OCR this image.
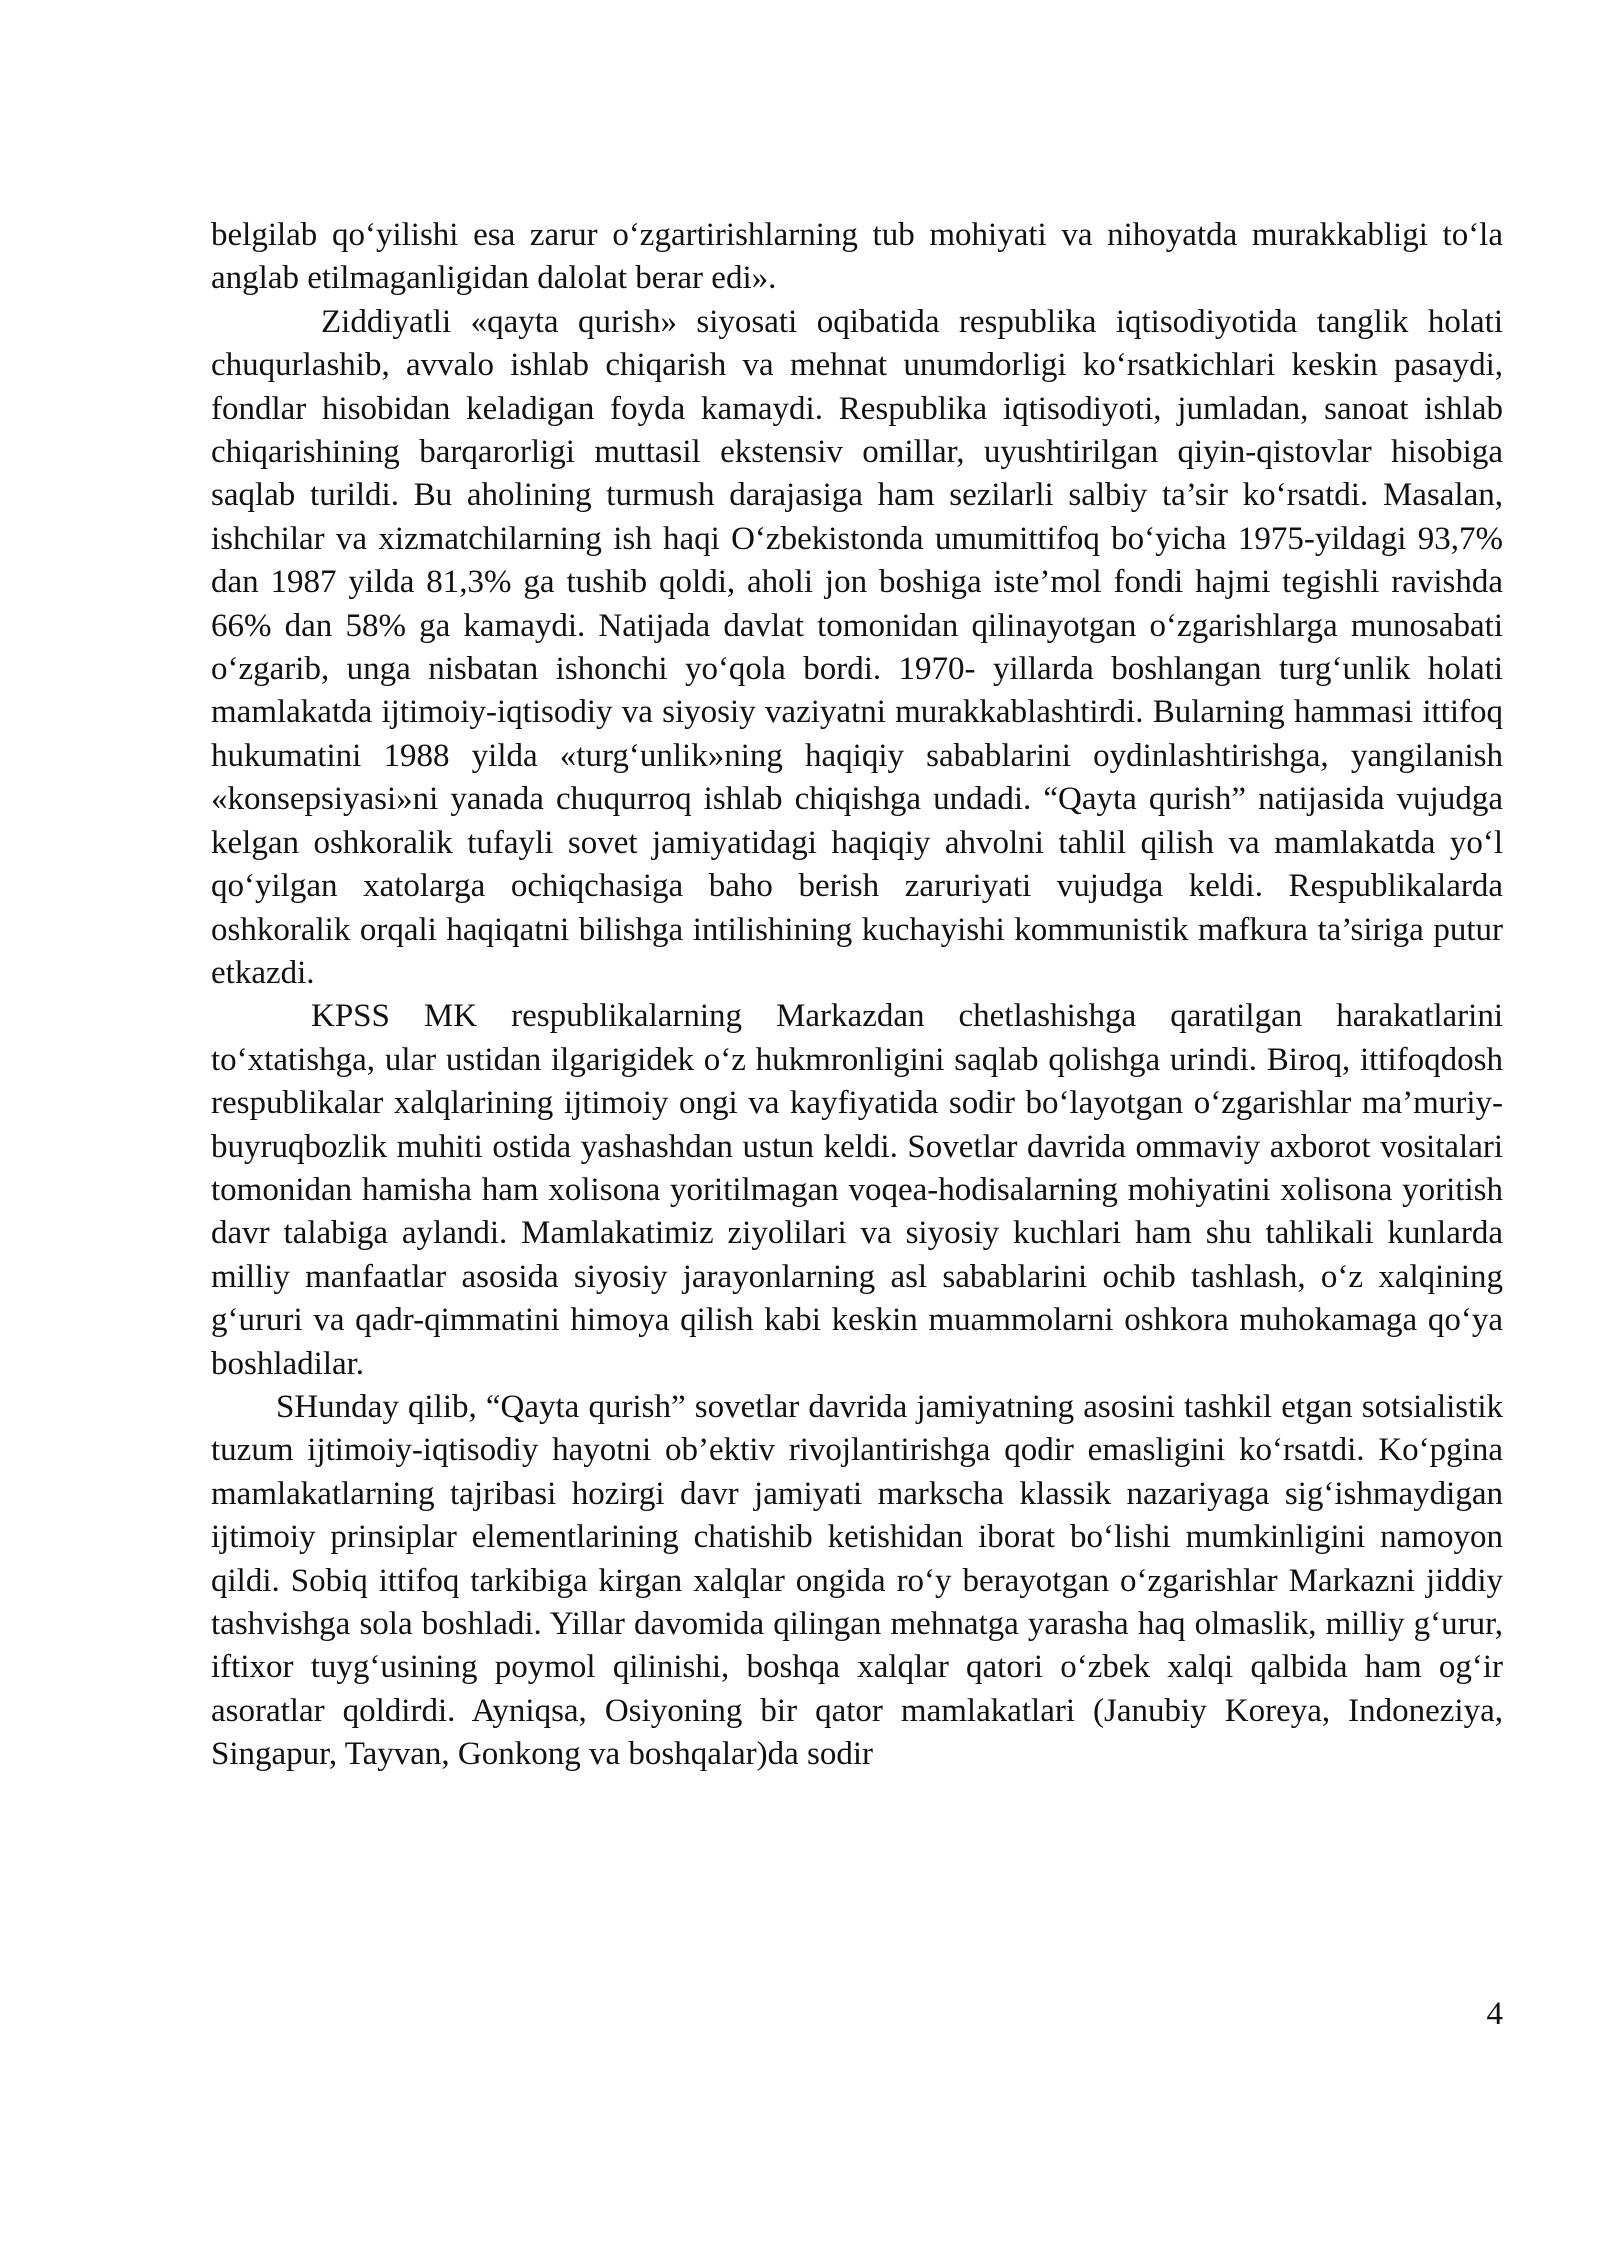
belgilab qo‘yilishi esa zarur o‘zgartirishlarning tub mohiyati va nihoyatda murakkabligi to‘la anglab etilmaganligidan dalolat berar edi».

Ziddiyatli «qayta qurish» siyosati oqibatida respublika iqtisodiyotida tanglik holati chuqurlashib, avvalo ishlab chiqarish va mehnat unumdorligi ko‘rsatkichlari keskin pasaydi, fondlar hisobidan keladigan foyda kamaydi. Respublika iqtisodiyoti, jumladan, sanoat ishlab chiqarishining barqarorligi muttasil ekstensiv omillar, uyushtirilgan qiyin-qistovlar hisobiga saqlab turildi. Bu aholining turmush darajasiga ham sezilarli salbiy ta’sir ko‘rsatdi. Masalan, ishchilar va xizmatchilarning ish haqi O‘zbekistonda umumittifoq bo‘yicha 1975-yildagi 93,7% dan 1987 yilda 81,3% ga tushib qoldi, aholi jon boshiga iste’mol fondi hajmi tegishli ravishda 66% dan 58% ga kamaydi. Natijada davlat tomonidan qilinayotgan o‘zgarishlarga munosabati o‘zgarib, unga nisbatan ishonchi yo‘qola bordi. 1970- yillarda boshlangan turg‘unlik holati mamlakatda ijtimoiy-iqtisodiy va siyosiy vaziyatni murakkablashtirdi. Bularning hammasi ittifoq hukumatini 1988 yilda «turg‘unlik»ning haqiqiy sabablarini oydinlashtirishga, yangilanish «konsepsiyasi»ni yanada chuqurroq ishlab chiqishga undadi. “Qayta qurish” natijasida vujudga kelgan oshkoralik tufayli sovet jamiyatidagi haqiqiy ahvolni tahlil qilish va mamlakatda yo‘l qo‘yilgan xatolarga ochiqchasiga baho berish zaruriyati vujudga keldi. Respublikalarda oshkoralik orqali haqiqatni bilishga intilishining kuchayishi kommunistik mafkura ta’siriga putur etkazdi.

KPSS MK respublikalarning Markazdan chetlashishga qaratilgan harakatlarini to‘xtatishga, ular ustidan ilgarigidek o‘z hukmronligini saqlab qolishga urindi. Biroq, ittifoqdosh respublikalar xalqlarining ijtimoiy ongi va kayfiyatida sodir bo‘layotgan o‘zgarishlar ma’muriy-buyruqbozlik muhiti ostida yashashdan ustun keldi. Sovetlar davrida ommaviy axborot vositalari tomonidan hamisha ham xolisona yoritilmagan voqea-hodisalarning mohiyatini xolisona yoritish davr talabiga aylandi. Mamlakatimiz ziyolilari va siyosiy kuchlari ham shu tahlikali kunlarda milliy manfaatlar asosida siyosiy jarayonlarning asl sabablarini ochib tashlash, o‘z xalqining g‘ururi va qadr-qimmatini himoya qilish kabi keskin muammolarni oshkora muhokamaga qo‘ya boshladilar.

SHunday qilib, “Qayta qurish” sovetlar davrida jamiyatning asosini tashkil etgan sotsialistik tuzum ijtimoiy-iqtisodiy hayotni ob’ektiv rivojlantirishga qodir emasligini ko‘rsatdi. Ko‘pgina mamlakatlarning tajribasi hozirgi davr jamiyati markscha klassik nazariyaga sig‘ishmaydigan ijtimoiy prinsiplar elementlarining chatishib ketishidan iborat bo‘lishi mumkinligini namoyon qildi. Sobiq ittifoq tarkibiga kirgan xalqlar ongida ro‘y berayotgan o‘zgarishlar Markazni jiddiy tashvishga sola boshladi. Yillar davomida qilingan mehnatga yarasha haq olmaslik, milliy g‘urur, iftixor tuyg‘usining poymol qilinishi, boshqa xalqlar qatori o‘zbek xalqi qalbida ham og‘ir asoratlar qoldirdi. Ayniqsa, Osiyoning bir qator mamlakatlari (Janubiy Koreya, Indoneziya, Singapur, Tayvan, Gonkong va boshqalar)da sodir

4
